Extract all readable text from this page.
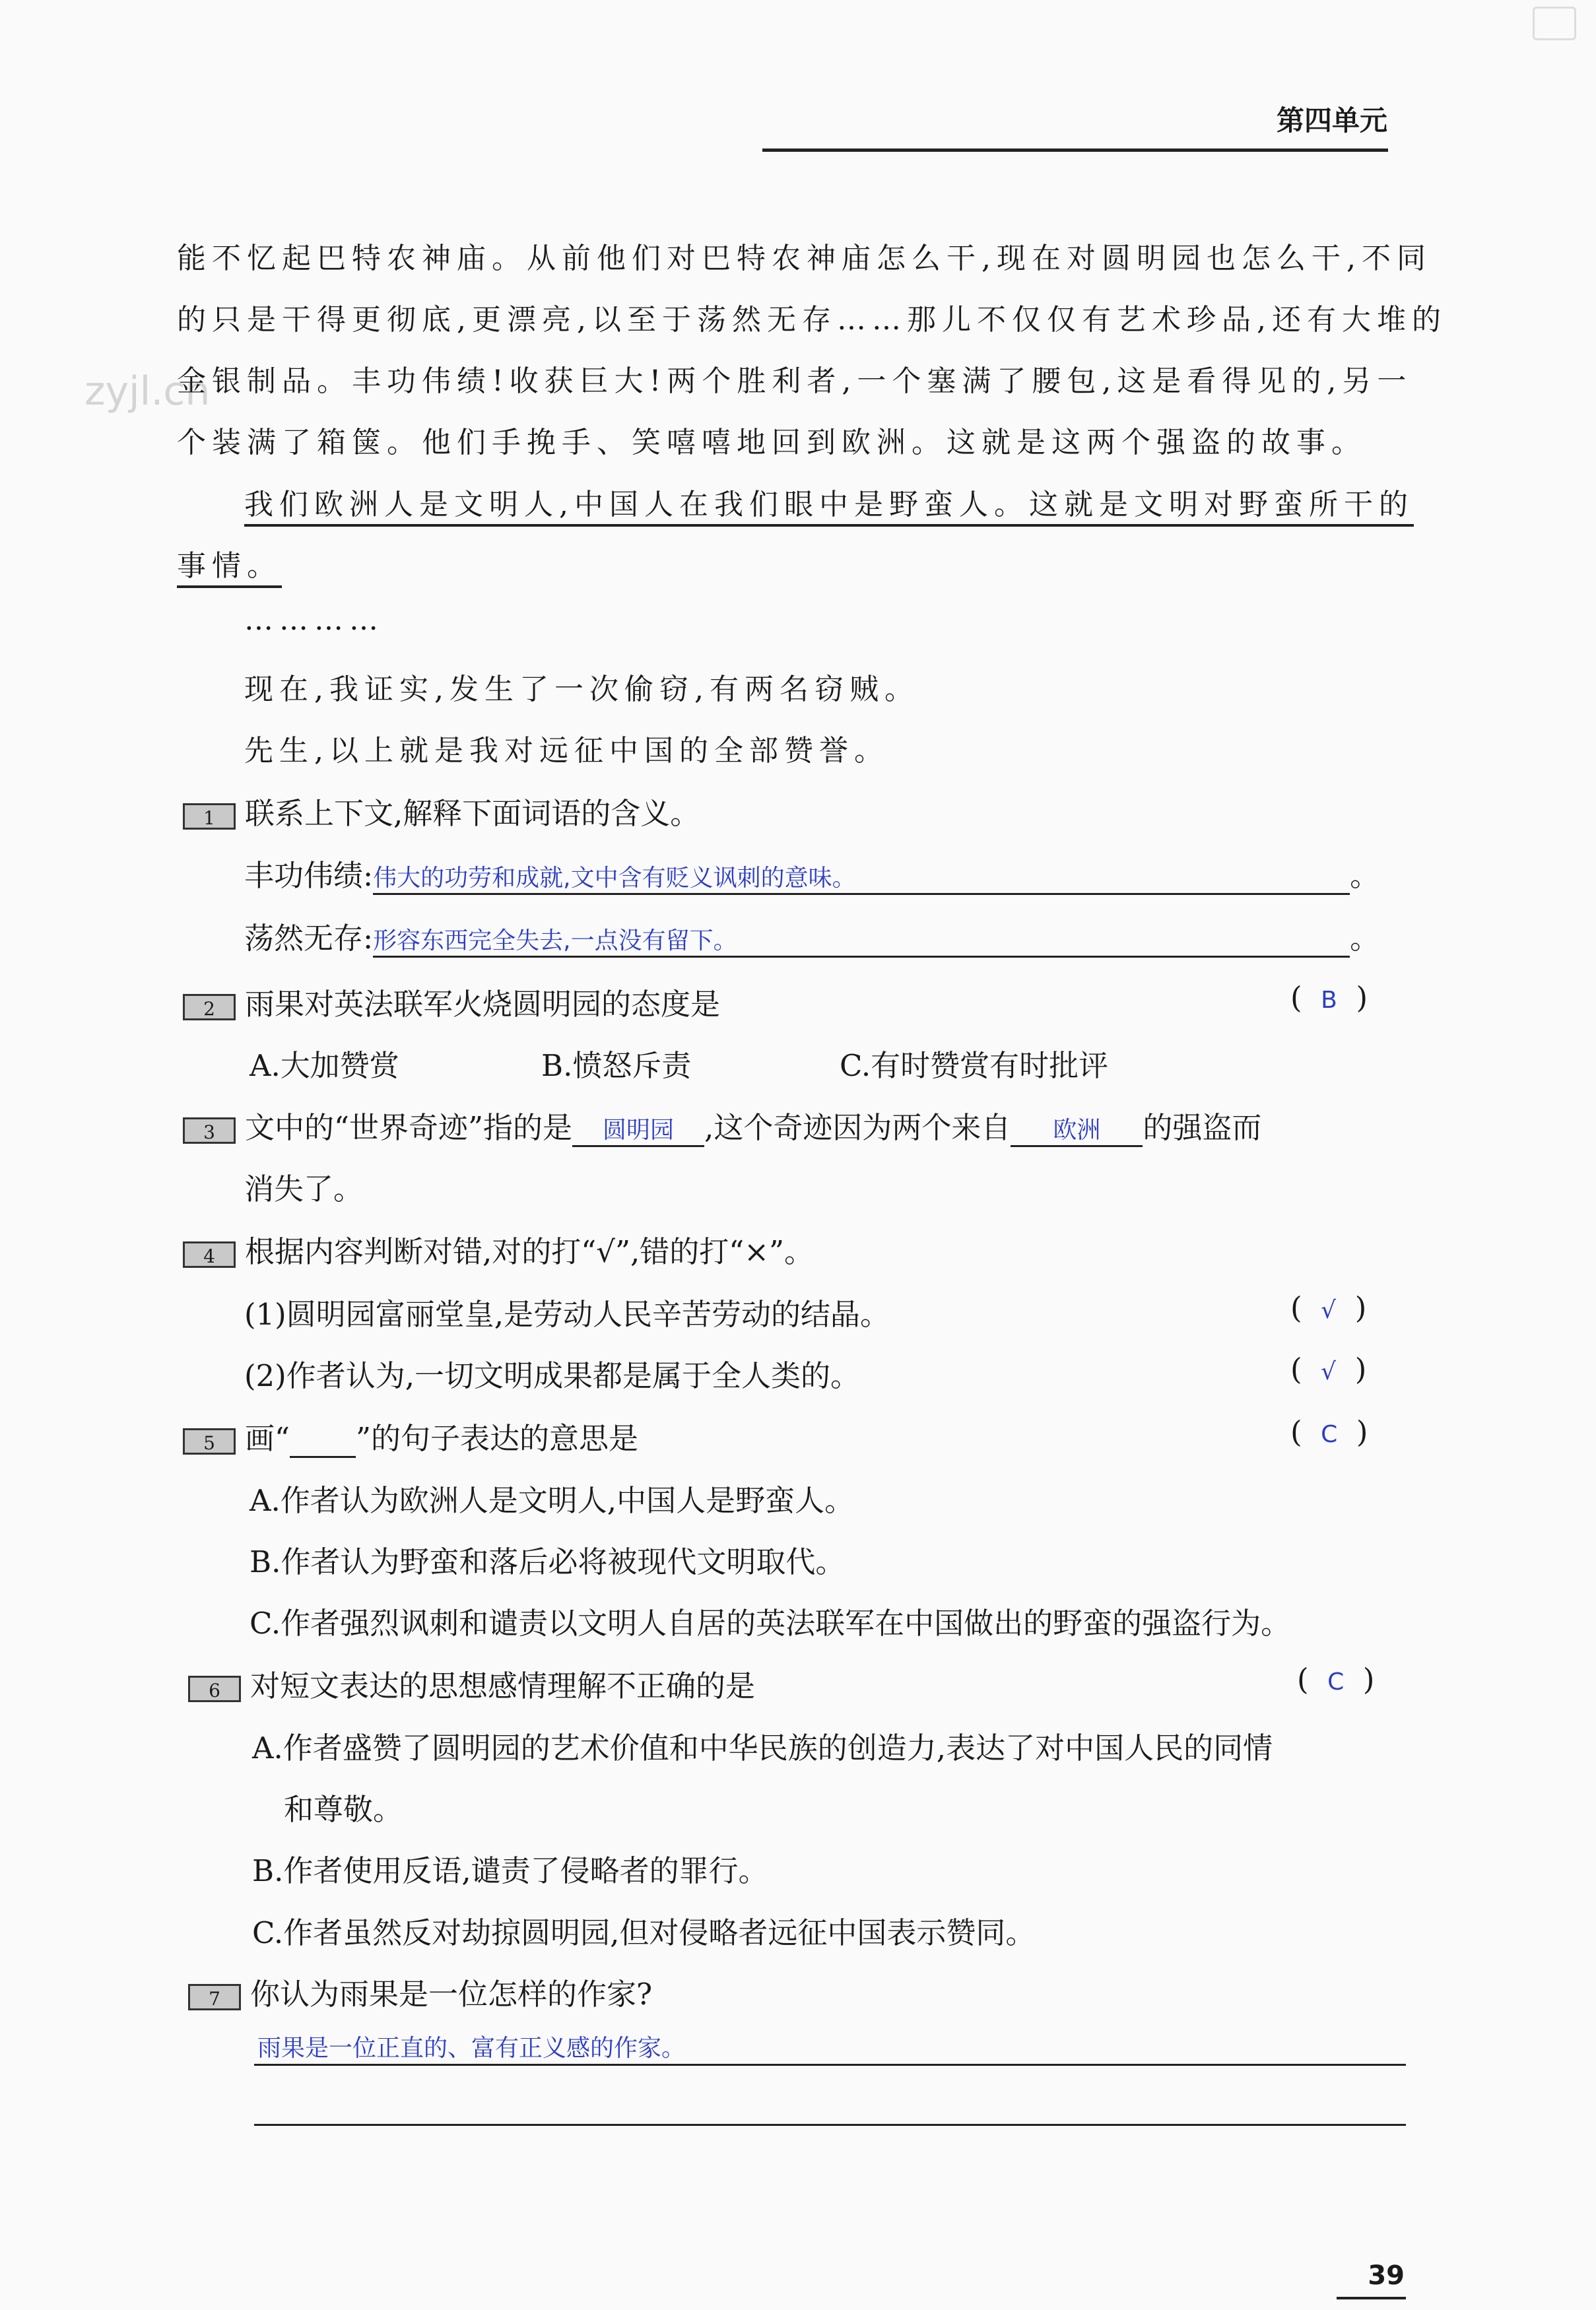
第四单元
zyjl.cn
能不忆起巴特农神庙。从前他们对巴特农神庙怎么干,现在对圆明园也怎么干,不同
的只是干得更彻底,更漂亮,以至于荡然无存……那儿不仅仅有艺术珍品,还有大堆的
金银制品。丰功伟绩!收获巨大!两个胜利者,一个塞满了腰包,这是看得见的,另一
个装满了箱箧。他们手挽手、笑嘻嘻地回到欧洲。这就是这两个强盗的故事。
我们欧洲人是文明人,中国人在我们眼中是野蛮人。这就是文明对野蛮所干的
事情。
…………
现在,我证实,发生了一次偷窃,有两名窃贼。
先生,以上就是我对远征中国的全部赞誉。
1 联系上下文,解释下面词语的含义。
丰功伟绩:伟大的功劳和成就,文中含有贬义讽刺的意味。	。
荡然无存:形容东西完全失去,一点没有留下。	。
2 雨果对英法联军火烧圆明园的态度是	(  B  )
A.大加赞赏	B.愤怒斥责	C.有时赞赏有时批评
3 文中的“世界奇迹”指的是 圆明园 ,这个奇迹因为两个来自 欧洲 的强盗而
消失了。
4 根据内容判断对错,对的打“√”,错的打“×”。
(1)圆明园富丽堂皇,是劳动人民辛苦劳动的结晶。	(  √  )
(2)作者认为,一切文明成果都是属于全人类的。	(  √  )
5 画“ ”的句子表达的意思是	(  C  )
A.作者认为欧洲人是文明人,中国人是野蛮人。
B.作者认为野蛮和落后必将被现代文明取代。
C.作者强烈讽刺和谴责以文明人自居的英法联军在中国做出的野蛮的强盗行为。
6 对短文表达的思想感情理解不正确的是	(  C  )
A.作者盛赞了圆明园的艺术价值和中华民族的创造力,表达了对中国人民的同情
和尊敬。
B.作者使用反语,谴责了侵略者的罪行。
C.作者虽然反对劫掠圆明园,但对侵略者远征中国表示赞同。
7 你认为雨果是一位怎样的作家?
雨果是一位正直的、富有正义感的作家。
39
